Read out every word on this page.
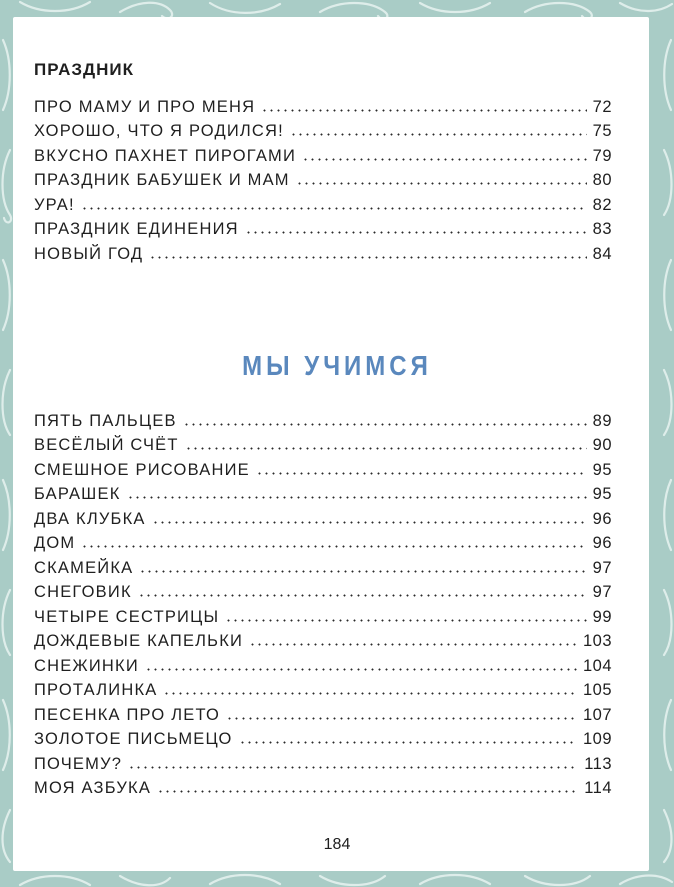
ПРАЗДНИК
ПРО МАМУ И ПРО МЕНЯ	72
ХОРОШО, ЧТО Я РОДИЛСЯ!	75
ВКУСНО ПАХНЕТ ПИРОГАМИ	79
ПРАЗДНИК БАБУШЕК И МАМ	80
УРА!	82
ПРАЗДНИК ЕДИНЕНИЯ	83
НОВЫЙ ГОД	84
МЫ УЧИМСЯ
ПЯТЬ ПАЛЬЦЕВ	89
ВЕСЁЛЫЙ СЧЁТ	90
СМЕШНОЕ РИСОВАНИЕ	95
БАРАШЕК	95
ДВА КЛУБКА	96
ДОМ	96
СКАМЕЙКА	97
СНЕГОВИК	97
ЧЕТЫРЕ СЕСТРИЦЫ	99
ДОЖДЕВЫЕ КАПЕЛЬКИ	103
СНЕЖИНКИ	104
ПРОТАЛИНКА	105
ПЕСЕНКА ПРО ЛЕТО	107
ЗОЛОТОЕ ПИСЬМЕЦО	109
ПОЧЕМУ?	113
МОЯ АЗБУКА	114
184
